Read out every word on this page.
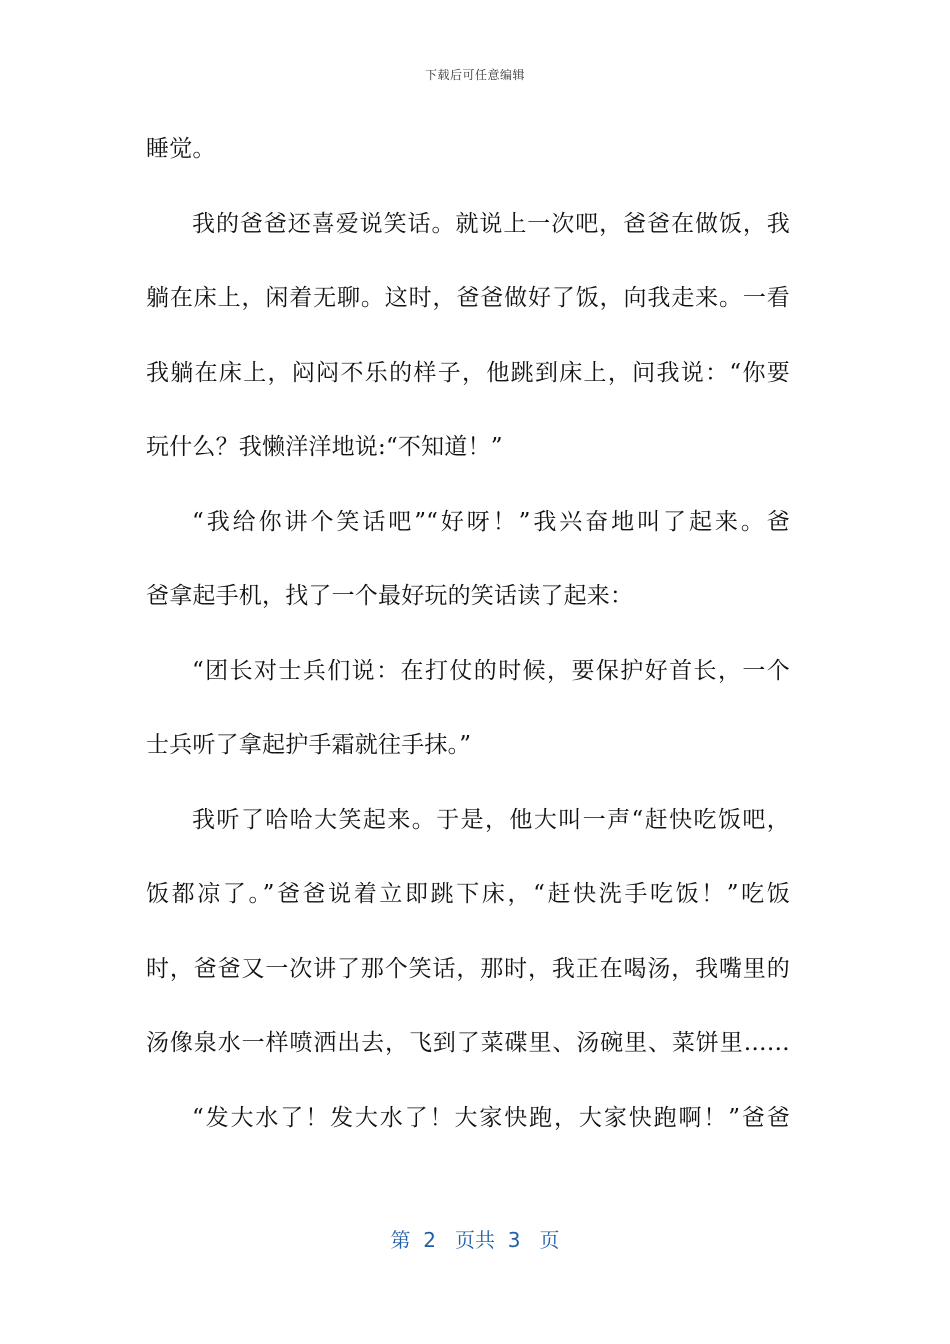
下载后可任意编辑
睡觉。
我的爸爸还喜爱说笑话。就说上一次吧，爸爸在做饭，我
躺在床上，闲着无聊。这时，爸爸做好了饭，向我走来。一看
我躺在床上，闷闷不乐的样子，他跳到床上，问我说：“你要
玩什么？我懒洋洋地说:“不知道！”
“我给你讲个笑话吧”“好呀！”我兴奋地叫了起来。爸
爸拿起手机，找了一个最好玩的笑话读了起来：
“团长对士兵们说：在打仗的时候，要保护好首长，一个
士兵听了拿起护手霜就往手抹。”
我听了哈哈大笑起来。于是，他大叫一声“赶快吃饭吧，
饭都凉了。”爸爸说着立即跳下床，“赶快洗手吃饭！”吃饭
时，爸爸又一次讲了那个笑话，那时，我正在喝汤，我嘴里的
汤像泉水一样喷洒出去，飞到了菜碟里、汤碗里、菜饼里……
“发大水了！发大水了！大家快跑，大家快跑啊！”爸爸
第  2   页共  3   页
